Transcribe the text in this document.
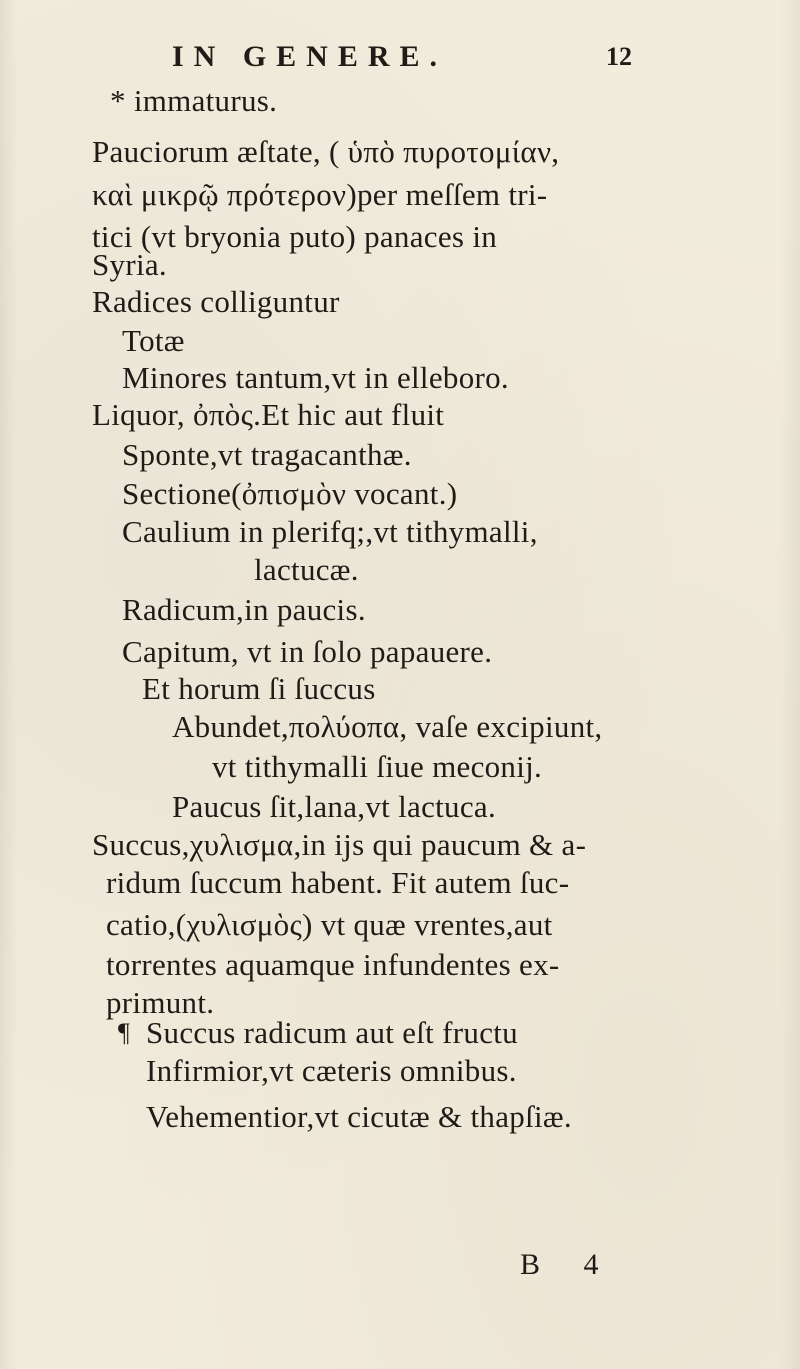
IN GENERE.	12
* immaturus.
Pauciorum æſtate, ( ὑπὸ πυροτομίαν,
καὶ μικρῷ πρότερον)per meſſem tri-
tici (vt bryonia puto) panaces in
Syria.
Radices colliguntur
Totæ
Minores tantum,vt in elleboro.
Liquor, ὀπὸς.Et hic aut fluit
Sponte,vt tragacanthæ.
Sectione(ὀπισμὸν vocant.)
Caulium in plerifq;,vt tithymalli,
lactucæ.
Radicum,in paucis.
Capitum, vt in ſolo papauere.
Et horum ſi ſuccus
Abundet,πολύοπα, vaſe excipiunt,
vt tithymalli ſiue meconij.
Paucus ſit,lana,vt lactuca.
Succus,χυλισμα,in ijs qui paucum & a-
ridum ſuccum habent. Fit autem ſuc-
catio,(χυλισμὸς) vt quæ vrentes,aut
torrentes aquamque infundentes ex-
primunt.
¶ Succus radicum aut eſt fructu
Infirmior,vt cæteris omnibus.
Vehementior,vt cicutæ & thapſiæ.
B 4
